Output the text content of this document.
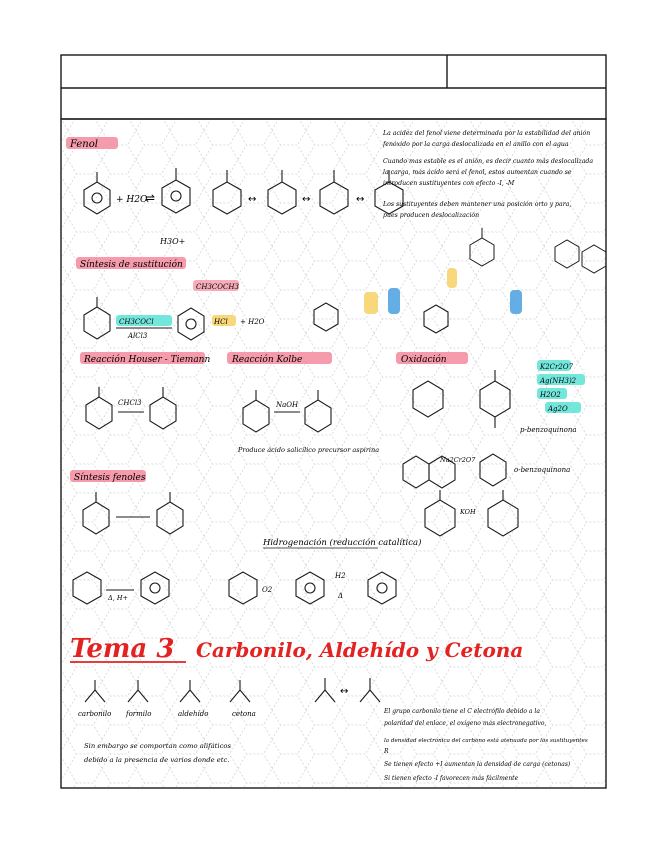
Fenol
+ H2O
⇌
H3O+
↔	↔	↔
La acidez del fenol viene determinada por la estabilidad del anión
fenóxido por la carga deslocalizada en el anillo con el agua
Cuando mas estable es el anión, es decir cuanto más deslocalizada
la carga, más ácido será el fenol, estos aumentan cuando se
introducen sustituyentes con efecto -I, -M
Los sustituyentes deben mantener una posición orto y para,
pues producen deslocalización
Síntesis de sustitución
CH3COCH3
CH3COCl
AlCl3
HCl + H2O
Reacción Houser - Tiemann
CHCl3
Reacción Kolbe
NaOH
Produce ácido salicílico precursor aspirina
Oxidación
K2Cr2O7
Ag(NH3)2
H2O2
Ag2O
p-benzoquinona
Na2Cr2O7
o-benzoquinona
KOH
Síntesis fenoles
Δ, H+
Hidrogenación (reducción catalítica)
O2
H2
Δ
Tema 3 Carbonilo, Aldehído y Cetona
carbonilo formilo	aldehído	cetona
↔
Sin embargo se comportan como alifáticos
debido a la presencia de varios donde etc.
El grupo carbonilo tiene el C electrófilo debido a la
polaridad del enlace, el oxígeno más electronegativo,
la densidad electrónica del carbono está atenuada por los sustituyentes
R
Se tienen efecto +I aumentan la densidad de carga (cetonas)
Si tienen efecto -I favorecen más fácilmente
